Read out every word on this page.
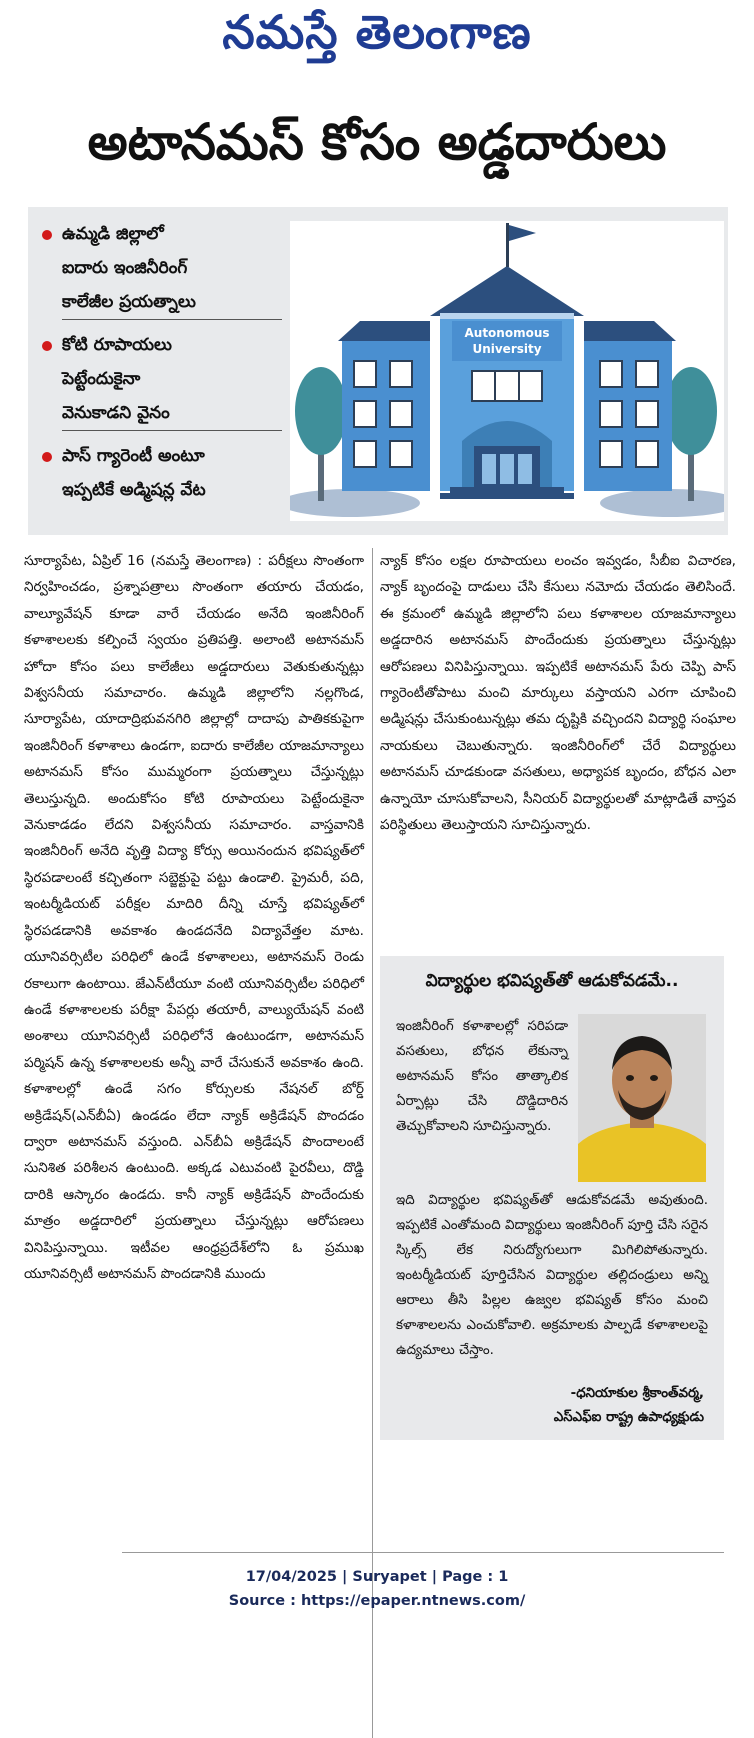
నమస్తే తెలంగాణ
అటానమస్ కోసం అడ్డదారులు
ఉమ్మడి జిల్లాలో
ఐదారు ఇంజినీరింగ్
కాలేజీల ప్రయత్నాలు
కోటి రూపాయలు
పెట్టేందుకైనా
వెనుకాడని వైనం
పాస్ గ్యారెంటీ అంటూ
ఇప్పటికే అడ్మిషన్ల వేట
Autonomous
University

సూర్యాపేట, ఏప్రిల్ 16 (నమస్తే తెలంగాణ) : పరీక్షలు సొంతంగా నిర్వహించడం, ప్రశ్నాపత్రాలు సొంతంగా తయారు చేయడం, వాల్యూవేషన్ కూడా వారే చేయడం అనేది ఇంజినీరింగ్ కళాశాలలకు కల్పించే స్వయం ప్రతిపత్తి. అలాంటి అటానమస్ హోదా కోసం పలు కాలేజీలు అడ్డదారులు వెతుకుతున్నట్లు విశ్వసనీయ సమాచారం. ఉమ్మడి జిల్లాలోని నల్లగొండ, సూర్యాపేట, యాదాద్రిభువనగిరి జిల్లాల్లో దాదాపు పాతికకుపైగా ఇంజినీరింగ్ కళాశాలు ఉండగా, ఐదారు కాలేజీల యాజమాన్యాలు అటానమస్ కోసం ముమ్మరంగా ప్రయత్నాలు చేస్తున్నట్లు తెలుస్తున్నది. అందుకోసం కోటి రూపాయలు పెట్టేందుకైనా వెనుకాడడం లేదని విశ్వసనీయ సమాచారం. వాస్తవానికి ఇంజినీరింగ్ అనేది వృత్తి విద్యా కోర్సు అయినందున భవిష్యత్‌లో స్థిరపడాలంటే కచ్చితంగా సబ్జెక్టుపై పట్టు ఉండాలి. ప్రైమరీ, పది, ఇంటర్మీడియట్ పరీక్షల మాదిరి దీన్ని చూస్తే భవిష్యత్‌లో స్థిరపడడానికి అవకాశం ఉండదనేది విద్యావేత్తల మాట. యూనివర్సిటీల పరిధిలో ఉండే కళాశాలలు, అటానమస్ రెండు రకాలుగా ఉంటాయి. జేఎన్‌టీయూ వంటి యూనివర్సిటీల పరిధిలో ఉండే కళాశాలలకు పరీక్షా పేపర్లు తయారీ, వాల్యుయేషన్ వంటి అంశాలు యూనివర్సిటీ పరిధిలోనే ఉంటుండగా, అటానమస్ పర్మిషన్ ఉన్న కళాశాలలకు అన్నీ వారే చేసుకునే అవకాశం ఉంది. కళాశాలల్లో ఉండే సగం కోర్సులకు నేషనల్ బోర్డ్ అక్రిడేషన్(ఎన్‌బీఏ) ఉండడం లేదా న్యాక్ అక్రిడేషన్ పొందడం ద్వారా అటానమస్ వస్తుంది. ఎన్‌బీఏ అక్రిడేషన్ పొందాలంటే సునిశిత పరిశీలన ఉంటుంది. అక్కడ ఎటువంటి పైరవీలు, దొడ్డి దారికి ఆస్కారం ఉండదు. కానీ న్యాక్ అక్రిడేషన్ పొందేందుకు మాత్రం అడ్డదారిలో ప్రయత్నాలు చేస్తున్నట్లు ఆరోపణలు వినిపిస్తున్నాయి. ఇటీవల ఆంధ్రప్రదేశ్‌లోని ఓ ప్రముఖ యూనివర్సిటీ అటానమస్ పొందడానికి ముందు

న్యాక్ కోసం లక్షల రూపాయలు లంచం ఇవ్వడం, సీబీఐ విచారణ, న్యాక్ బృందంపై దాడులు చేసి కేసులు నమోదు చేయడం తెలిసిందే. ఈ క్రమంలో ఉమ్మడి జిల్లాలోని పలు కళాశాలల యాజమాన్యాలు అడ్డదారిన అటానమస్ పొందేందుకు ప్రయత్నాలు చేస్తున్నట్లు ఆరోపణలు వినిపిస్తున్నాయి. ఇప్పటికే అటానమస్ పేరు చెప్పి పాస్ గ్యారెంటీతోపాటు మంచి మార్కులు వస్తాయని ఎరగా చూపించి అడ్మిషన్లు చేసుకుంటున్నట్లు తమ దృష్టికి వచ్చిందని విద్యార్థి సంఘాల నాయకులు చెబుతున్నారు. ఇంజినీరింగ్‌లో చేరే విద్యార్థులు అటానమస్ చూడకుండా వసతులు, అధ్యాపక బృందం, బోధన ఎలా ఉన్నాయో చూసుకోవాలని, సీనియర్ విద్యార్థులతో మాట్లాడితే వాస్తవ పరిస్థితులు తెలుస్తాయని సూచిస్తున్నారు.

విద్యార్థుల భవిష్యత్‌తో ఆడుకోవడమే..

ఇంజినీరింగ్ కళాశాలల్లో సరిపడా వసతులు, బోధన లేకున్నా అటానమస్ కోసం తాత్కాలిక ఏర్పాట్లు చేసి దొడ్డిదారిన తెచ్చుకోవాలని సూచిస్తున్నారు.

ఇది విద్యార్థుల భవిష్యత్‌తో ఆడుకోవడమే అవుతుంది. ఇప్పటికే ఎంతోమంది విద్యార్థులు ఇంజినీరింగ్ పూర్తి చేసి సరైన స్కిల్స్ లేక నిరుద్యోగులుగా మిగిలిపోతున్నారు. ఇంటర్మీడియట్ పూర్తిచేసిన విద్యార్థుల తల్లిదండ్రులు అన్ని ఆరాలు తీసి పిల్లల ఉజ్వల భవిష్యత్ కోసం మంచి కళాశాలలను ఎంచుకోవాలి. అక్రమాలకు పాల్పడే కళాశాలలపై ఉద్యమాలు చేస్తాం.

-ధనియాకుల శ్రీకాంత్‌వర్మ,
ఎస్‌ఎఫ్‌ఐ రాష్ట్ర ఉపాధ్యక్షుడు
17/04/2025 | Suryapet | Page : 1
Source : https://epaper.ntnews.com/
